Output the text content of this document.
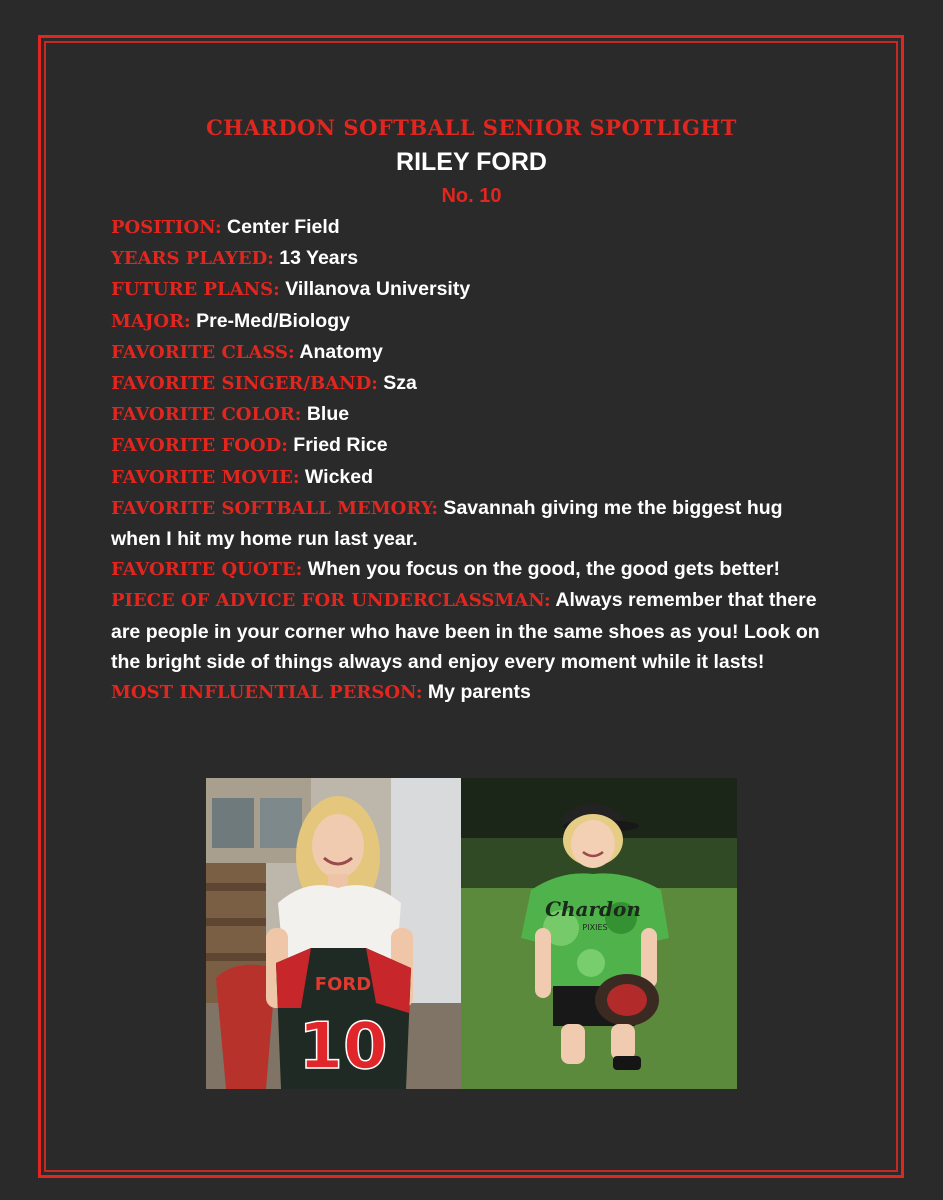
CHARDON SOFTBALL SENIOR SPOTLIGHT
RILEY FORD
No. 10

POSITION: Center Field

YEARS PLAYED: 13 Years

FUTURE PLANS: Villanova University

MAJOR: Pre-Med/Biology

FAVORITE CLASS: Anatomy

FAVORITE SINGER/BAND: Sza

FAVORITE COLOR: Blue

FAVORITE FOOD: Fried Rice

FAVORITE MOVIE: Wicked

FAVORITE SOFTBALL MEMORY: Savannah giving me the biggest hug when I hit my home run last year.

FAVORITE QUOTE: When you focus on the good, the good gets better!

PIECE OF ADVICE FOR UNDERCLASSMAN: Always remember that there are people in your corner who have been in the same shoes as you! Look on the bright side of things always and enjoy every moment while it lasts!

MOST INFLUENTIAL PERSON: My parents

FORD
10
Chardon
PIXIES
